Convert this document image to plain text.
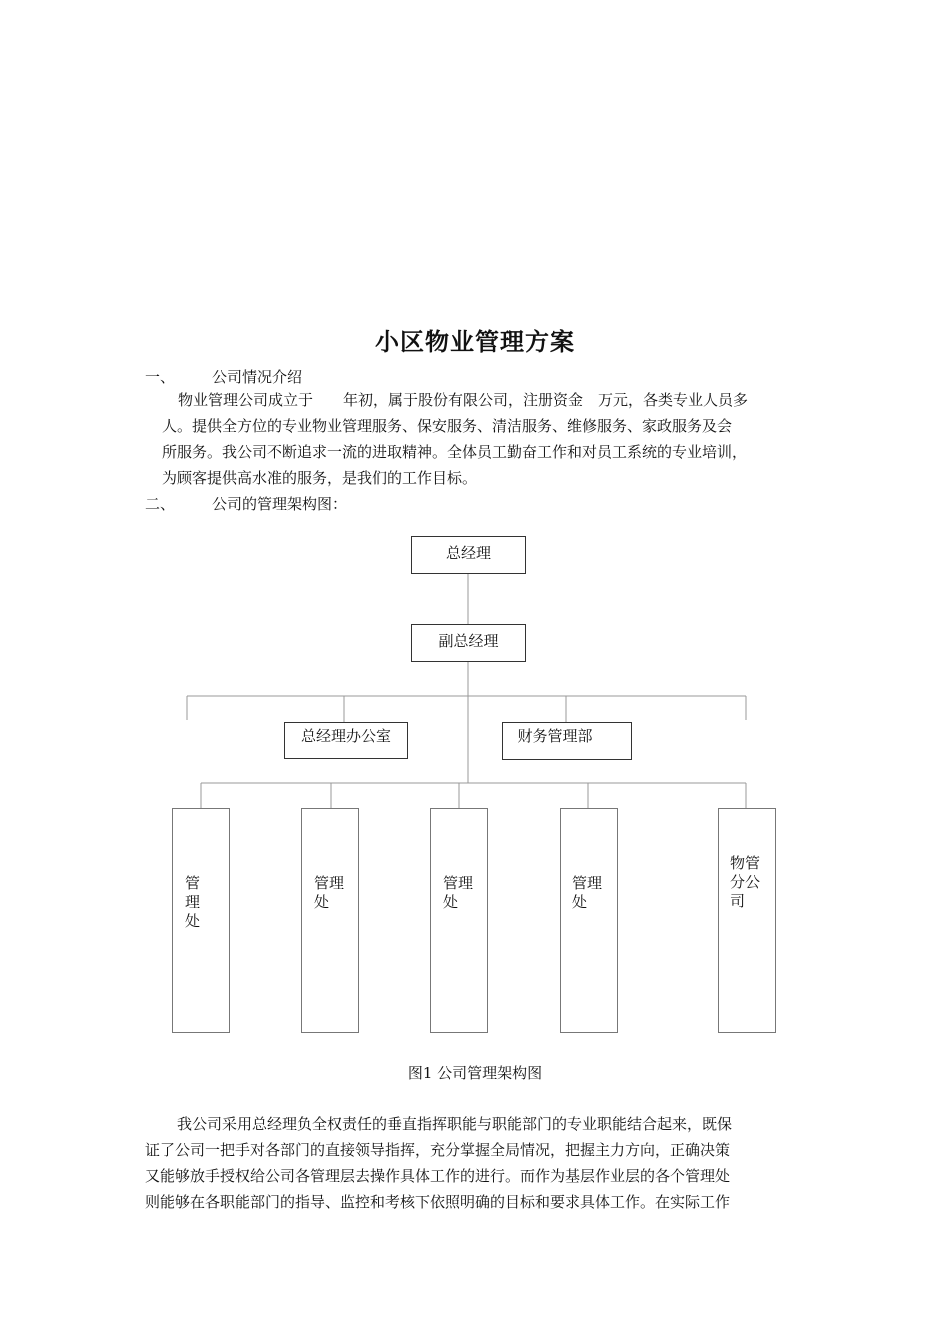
小区物业管理方案
一、 公司情况介绍

物业管理公司成立于　　年初，属于股份有限公司，注册资金　万元，各类专业人员多

人。提供全方位的专业物业管理服务、保安服务、清洁服务、维修服务、家政服务及会

所服务。我公司不断追求一流的进取精神。全体员工勤奋工作和对员工系统的专业培训，

为顾客提供高水准的服务，是我们的工作目标。

二、 公司的管理架构图：
总经理
副总经理
总经理办公室	财务管理部
管
理
处
管理
处
管理
处
管理
处
物管
分公
司
图1 公司管理架构图

我公司采用总经理负全权责任的垂直指挥职能与职能部门的专业职能结合起来，既保

证了公司一把手对各部门的直接领导指挥，充分掌握全局情况，把握主力方向，正确决策

又能够放手授权给公司各管理层去操作具体工作的进行。而作为基层作业层的各个管理处

则能够在各职能部门的指导、监控和考核下依照明确的目标和要求具体工作。在实际工作
